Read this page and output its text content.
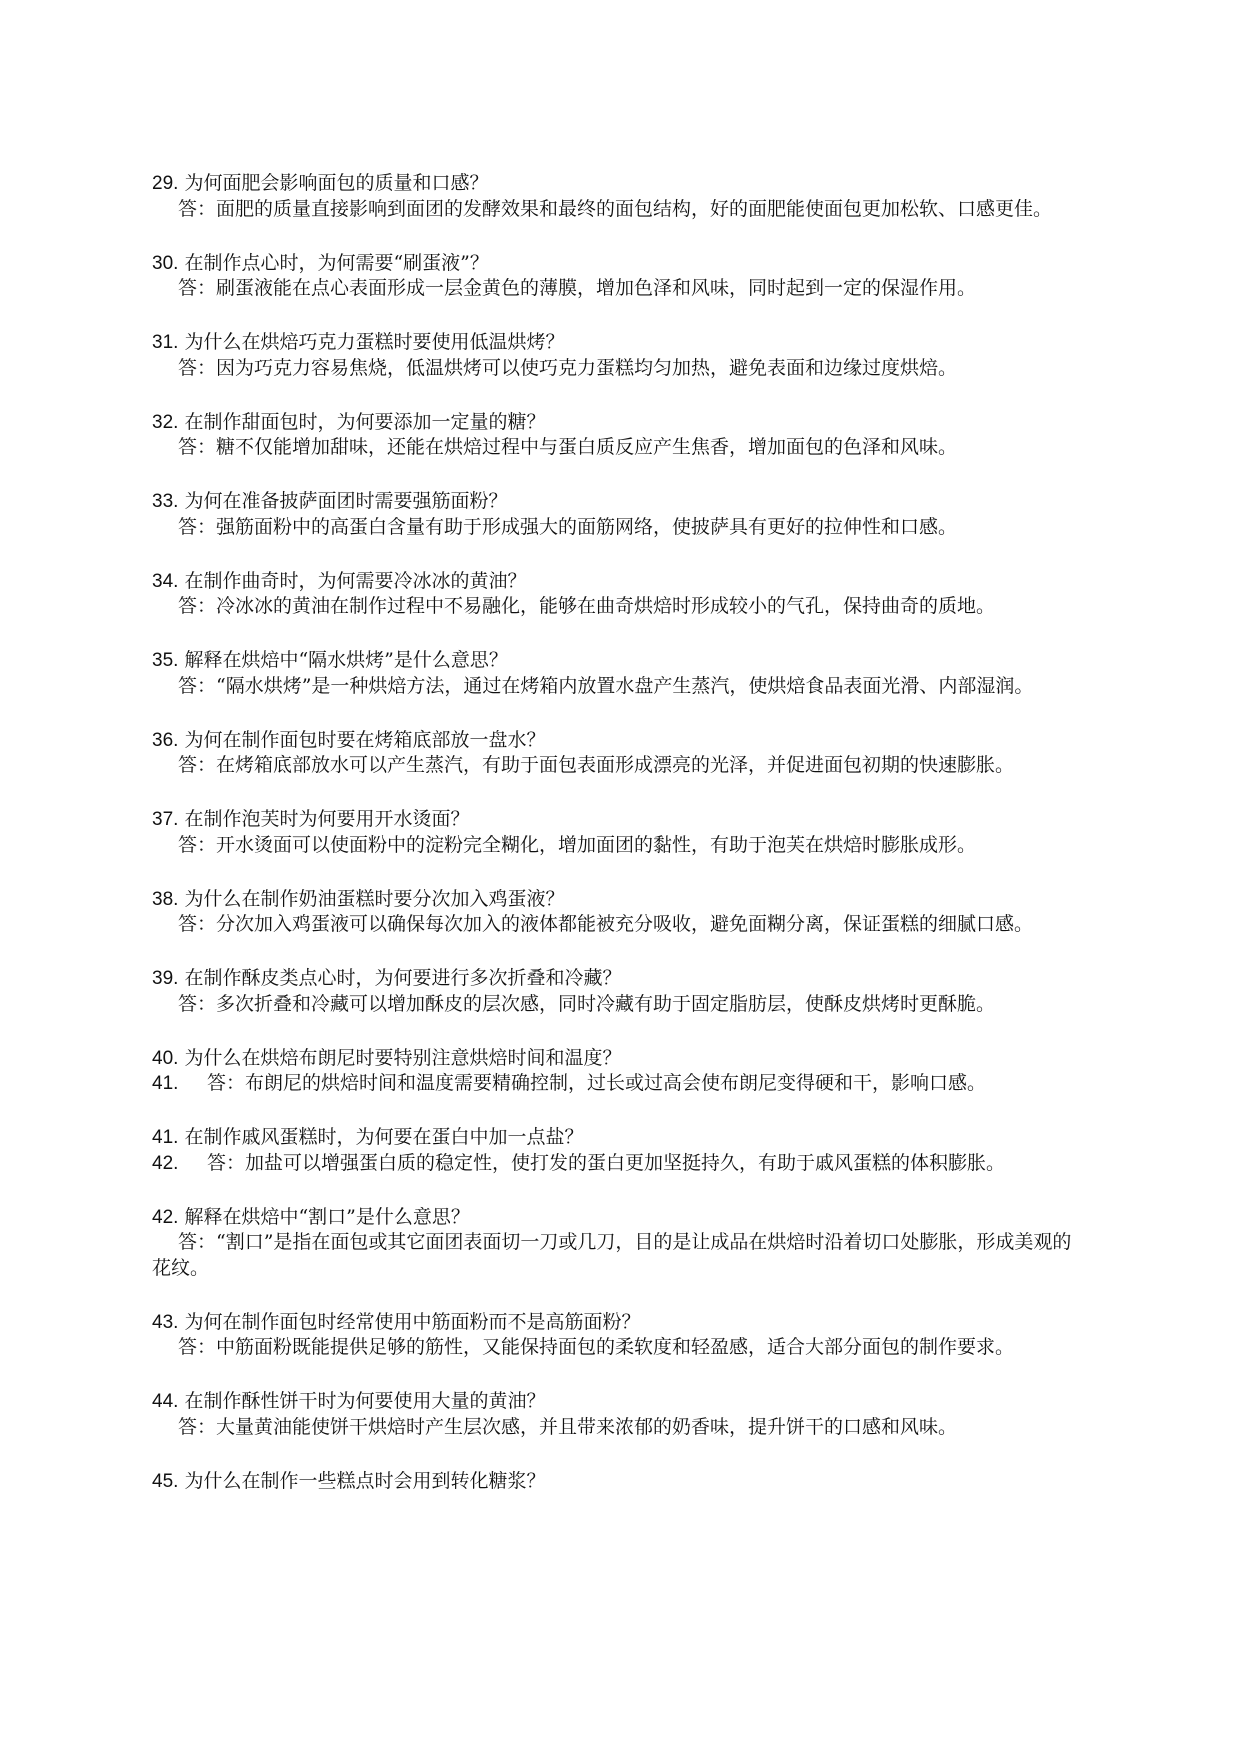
29. 为何面肥会影响面包的质量和口感？

答：面肥的质量直接影响到面团的发酵效果和最终的面包结构，好的面肥能使面包更加松软、口感更佳。

30. 在制作点心时，为何需要“刷蛋液”？

答：刷蛋液能在点心表面形成一层金黄色的薄膜，增加色泽和风味，同时起到一定的保湿作用。

31. 为什么在烘焙巧克力蛋糕时要使用低温烘烤？

答：因为巧克力容易焦烧，低温烘烤可以使巧克力蛋糕均匀加热，避免表面和边缘过度烘焙。

32. 在制作甜面包时，为何要添加一定量的糖？

答：糖不仅能增加甜味，还能在烘焙过程中与蛋白质反应产生焦香，增加面包的色泽和风味。

33. 为何在准备披萨面团时需要强筋面粉？

答：强筋面粉中的高蛋白含量有助于形成强大的面筋网络，使披萨具有更好的拉伸性和口感。

34. 在制作曲奇时，为何需要冷冰冰的黄油？

答：冷冰冰的黄油在制作过程中不易融化，能够在曲奇烘焙时形成较小的气孔，保持曲奇的质地。

35. 解释在烘焙中“隔水烘烤”是什么意思？

答：“隔水烘烤”是一种烘焙方法，通过在烤箱内放置水盘产生蒸汽，使烘焙食品表面光滑、内部湿润。

36. 为何在制作面包时要在烤箱底部放一盘水？

答：在烤箱底部放水可以产生蒸汽，有助于面包表面形成漂亮的光泽，并促进面包初期的快速膨胀。

37. 在制作泡芙时为何要用开水烫面？

答：开水烫面可以使面粉中的淀粉完全糊化，增加面团的黏性，有助于泡芙在烘焙时膨胀成形。

38. 为什么在制作奶油蛋糕时要分次加入鸡蛋液？

答：分次加入鸡蛋液可以确保每次加入的液体都能被充分吸收，避免面糊分离，保证蛋糕的细腻口感。

39. 在制作酥皮类点心时，为何要进行多次折叠和冷藏？

答：多次折叠和冷藏可以增加酥皮的层次感，同时冷藏有助于固定脂肪层，使酥皮烘烤时更酥脆。

40. 为什么在烘焙布朗尼时要特别注意烘焙时间和温度？

41. 答：布朗尼的烘焙时间和温度需要精确控制，过长或过高会使布朗尼变得硬和干，影响口感。

41. 在制作戚风蛋糕时，为何要在蛋白中加一点盐？

42. 答：加盐可以增强蛋白质的稳定性，使打发的蛋白更加坚挺持久，有助于戚风蛋糕的体积膨胀。

42. 解释在烘焙中“割口”是什么意思？

答：“割口”是指在面包或其它面团表面切一刀或几刀，目的是让成品在烘焙时沿着切口处膨胀，形成美观的花纹。

43. 为何在制作面包时经常使用中筋面粉而不是高筋面粉？

答：中筋面粉既能提供足够的筋性，又能保持面包的柔软度和轻盈感，适合大部分面包的制作要求。

44. 在制作酥性饼干时为何要使用大量的黄油？

答：大量黄油能使饼干烘焙时产生层次感，并且带来浓郁的奶香味，提升饼干的口感和风味。

45. 为什么在制作一些糕点时会用到转化糖浆？
